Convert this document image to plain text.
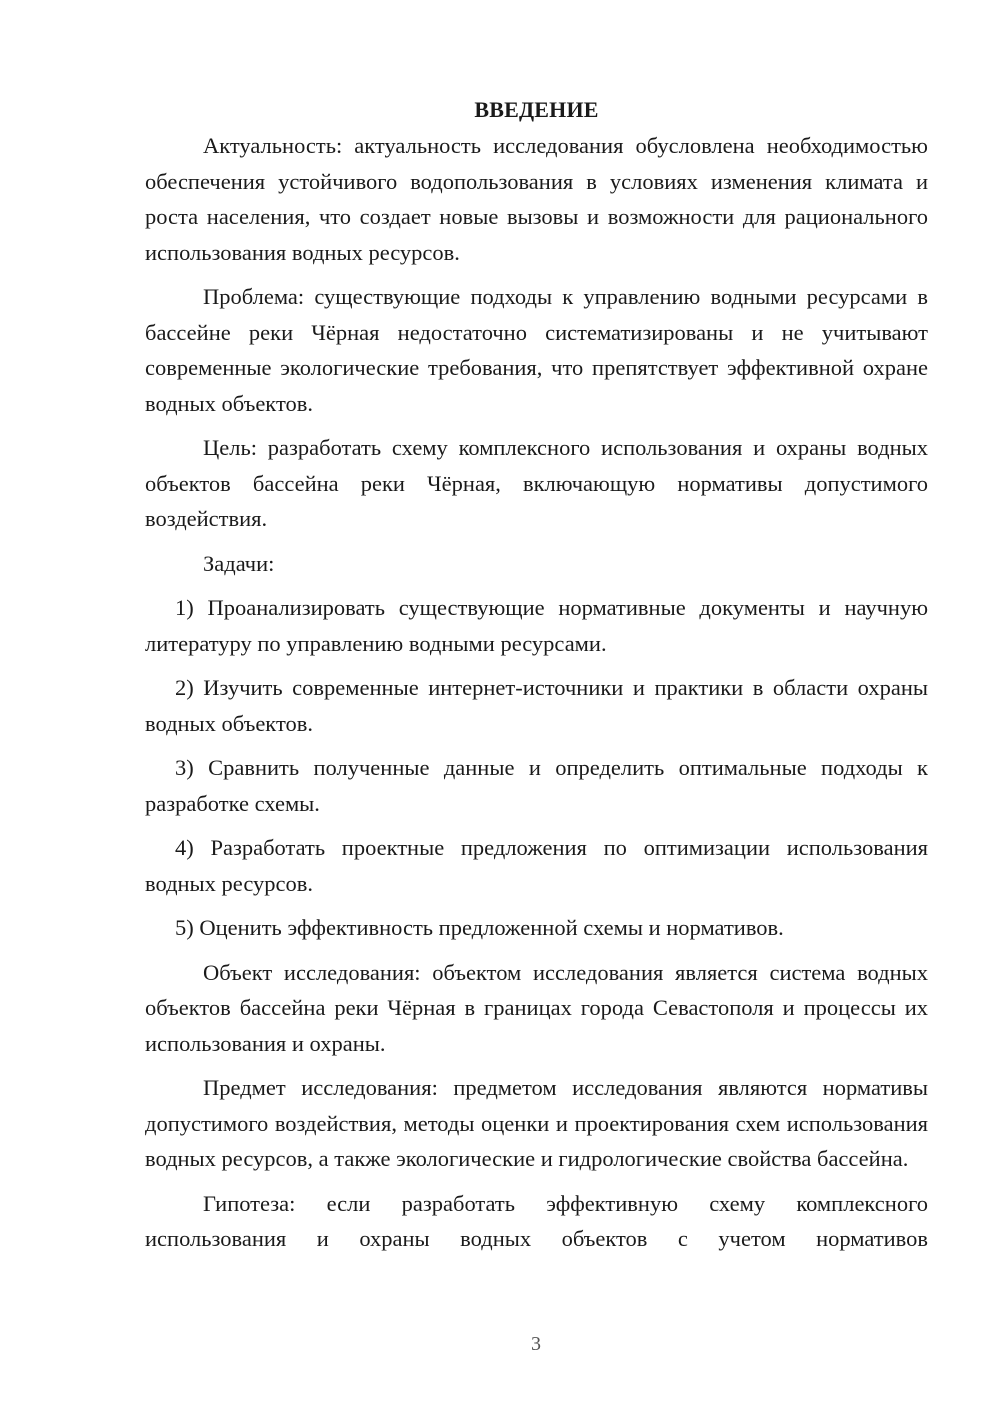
ВВЕДЕНИЕ

Актуальность: актуальность исследования обусловлена необходимостью обеспечения устойчивого водопользования в условиях изменения климата и роста населения, что создает новые вызовы и возможности для рационального использования водных ресурсов.

Проблема: существующие подходы к управлению водными ресурсами в бассейне реки Чёрная недостаточно систематизированы и не учитывают современные экологические требования, что препятствует эффективной охране водных объектов.

Цель: разработать схему комплексного использования и охраны водных объектов бассейна реки Чёрная, включающую нормативы допустимого воздействия.

Задачи:

1) Проанализировать существующие нормативные документы и научную литературу по управлению водными ресурсами.

2) Изучить современные интернет-источники и практики в области охраны водных объектов.

3) Сравнить полученные данные и определить оптимальные подходы к разработке схемы.

4) Разработать проектные предложения по оптимизации использования водных ресурсов.

5) Оценить эффективность предложенной схемы и нормативов.

Объект исследования: объектом исследования является система водных объектов бассейна реки Чёрная в границах города Севастополя и процессы их использования и охраны.

Предмет исследования: предметом исследования являются нормативы допустимого воздействия, методы оценки и проектирования схем использования водных ресурсов, а также экологические и гидрологические свойства бассейна.

Гипотеза: если разработать эффективную схему комплексного использования и охраны водных объектов с учетом нормативов

3
